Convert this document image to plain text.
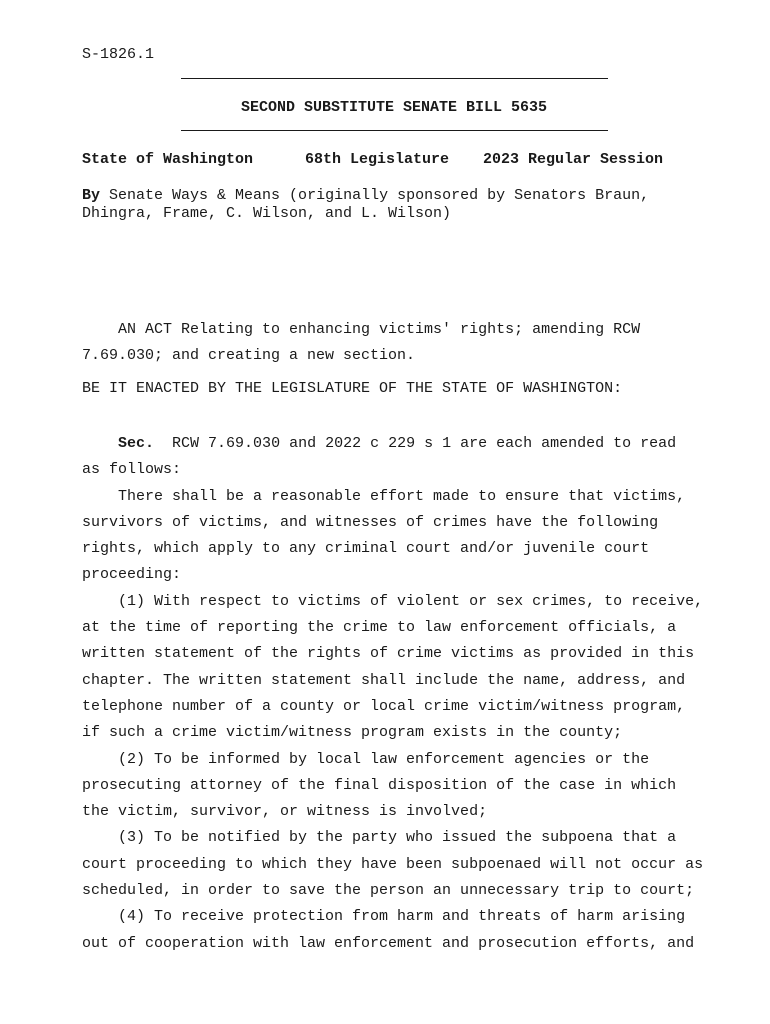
S-1826.1
SECOND SUBSTITUTE SENATE BILL 5635
State of Washington	68th Legislature 2023 Regular Session
By Senate Ways & Means (originally sponsored by Senators Braun, Dhingra, Frame, C. Wilson, and L. Wilson)
AN ACT Relating to enhancing victims' rights; amending RCW
7.69.030; and creating a new section.
BE IT ENACTED BY THE LEGISLATURE OF THE STATE OF WASHINGTON:
Sec. RCW 7.69.030 and 2022 c 229 s 1 are each amended to read
as follows:
There shall be a reasonable effort made to ensure that victims,
survivors of victims, and witnesses of crimes have the following
rights, which apply to any criminal court and/or juvenile court
proceeding:
(1) With respect to victims of violent or sex crimes, to receive,
at the time of reporting the crime to law enforcement officials, a
written statement of the rights of crime victims as provided in this
chapter. The written statement shall include the name, address, and
telephone number of a county or local crime victim/witness program,
if such a crime victim/witness program exists in the county;
(2) To be informed by local law enforcement agencies or the
prosecuting attorney of the final disposition of the case in which
the victim, survivor, or witness is involved;
(3) To be notified by the party who issued the subpoena that a
court proceeding to which they have been subpoenaed will not occur as
scheduled, in order to save the person an unnecessary trip to court;
(4) To receive protection from harm and threats of harm arising
out of cooperation with law enforcement and prosecution efforts, and
